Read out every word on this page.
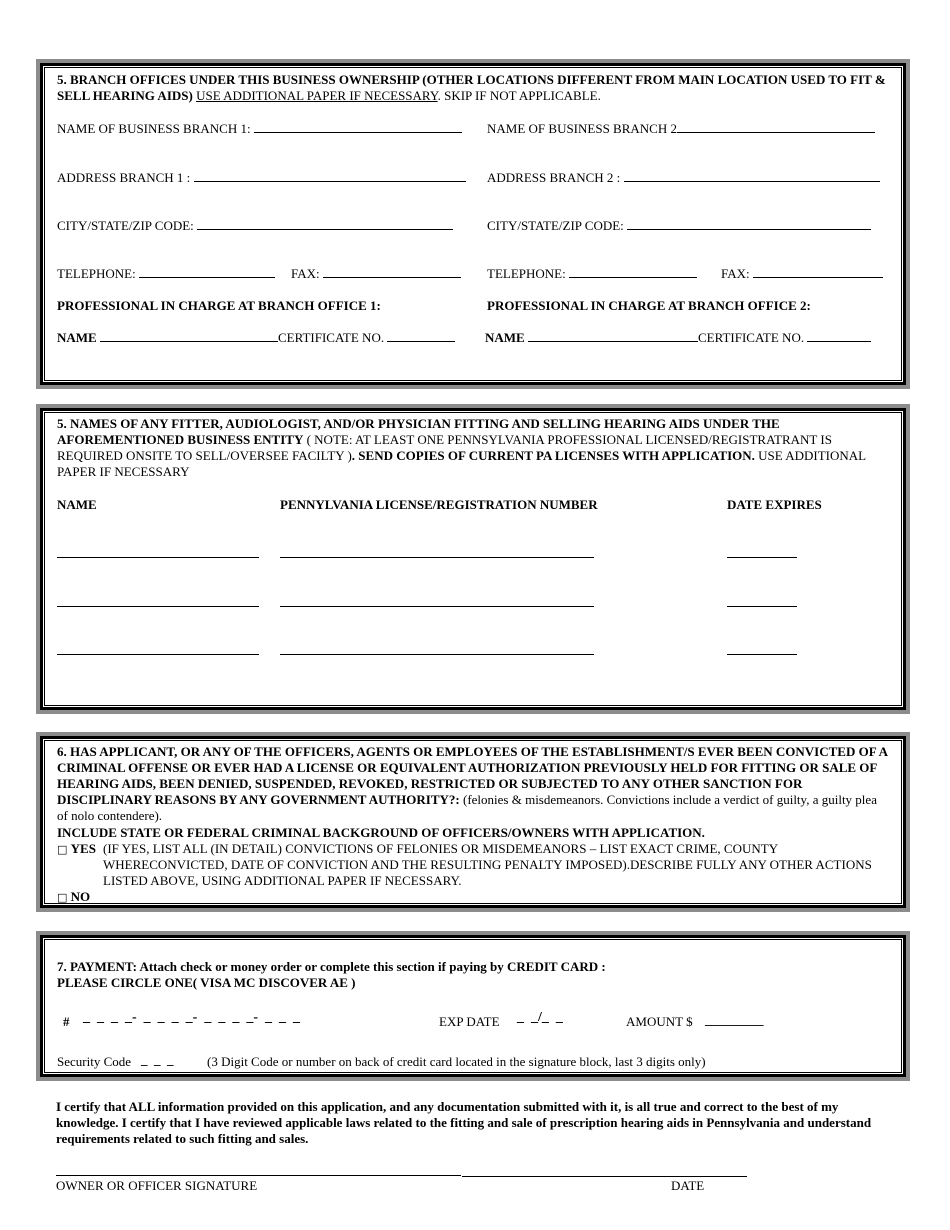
5. BRANCH OFFICES UNDER THIS BUSINESS OWNERSHIP (OTHER LOCATIONS DIFFERENT FROM MAIN LOCATION USED TO FIT & SELL HEARING AIDS) USE ADDITIONAL PAPER IF NECESSARY. SKIP IF NOT APPLICABLE.
NAME OF BUSINESS BRANCH 1:	NAME OF BUSINESS BRANCH 2
ADDRESS BRANCH 1 :	ADDRESS BRANCH 2 :
CITY/STATE/ZIP CODE:	CITY/STATE/ZIP CODE:
TELEPHONE:	FAX:	TELEPHONE:	FAX:
PROFESSIONAL IN CHARGE AT BRANCH OFFICE 1:	PROFESSIONAL IN CHARGE AT BRANCH OFFICE 2:
NAME	CERTIFICATE NO.	NAME	CERTIFICATE NO.
5. NAMES OF ANY FITTER, AUDIOLOGIST, AND/OR PHYSICIAN FITTING AND SELLING HEARING AIDS UNDER THE AFOREMENTIONED BUSINESS ENTITY ( NOTE: AT LEAST ONE PENNSYLVANIA PROFESSIONAL LICENSED/REGISTRATRANT IS REQUIRED ONSITE TO SELL/OVERSEE FACILTY ). SEND COPIES OF CURRENT PA LICENSES WITH APPLICATION. USE ADDITIONAL PAPER IF NECESSARY
NAME	PENNYLVANIA LICENSE/REGISTRATION NUMBER	DATE EXPIRES
6. HAS APPLICANT, OR ANY OF THE OFFICERS, AGENTS OR EMPLOYEES OF THE ESTABLISHMENT/S EVER BEEN CONVICTED OF A CRIMINAL OFFENSE OR EVER HAD A LICENSE OR EQUIVALENT AUTHORIZATION PREVIOUSLY HELD FOR FITTING OR SALE OF HEARING AIDS, BEEN DENIED, SUSPENDED, REVOKED, RESTRICTED OR SUBJECTED TO ANY OTHER SANCTION FOR DISCIPLINARY REASONS BY ANY GOVERNMENT AUTHORITY?: (felonies & misdemeanors. Convictions include a verdict of guilty, a guilty plea of nolo contendere).
INCLUDE STATE OR FEDERAL CRIMINAL BACKGROUND OF OFFICERS/OWNERS WITH APPLICATION.
□ YES (IF YES, LIST ALL (IN DETAIL) CONVICTIONS OF FELONIES OR MISDEMEANORS – LIST EXACT CRIME, COUNTY WHERECONVICTED, DATE OF CONVICTION AND THE RESULTING PENALTY IMPOSED).DESCRIBE FULLY ANY OTHER ACTIONS LISTED ABOVE, USING ADDITIONAL PAPER IF NECESSARY.
□ NO
7. PAYMENT: Attach check or money order or complete this section if paying by CREDIT CARD :
PLEASE CIRCLE ONE( VISA MC DISCOVER AE )
# _  _  _  _-  _  _  _  _-  _  _  _  _-  _  _  _	EXP DATE _  _/_  _	AMOUNT $ _________
Security Code _  _  _	(3 Digit Code or number on back of credit card located in the signature block, last 3 digits only)
I certify that ALL information provided on this application, and any documentation submitted with it, is all true and correct to the best of my knowledge. I certify that I have reviewed applicable laws related to the fitting and sale of prescription hearing aids in Pennsylvania and understand requirements related to such fitting and sales.
OWNER OR OFFICER SIGNATURE	DATE
